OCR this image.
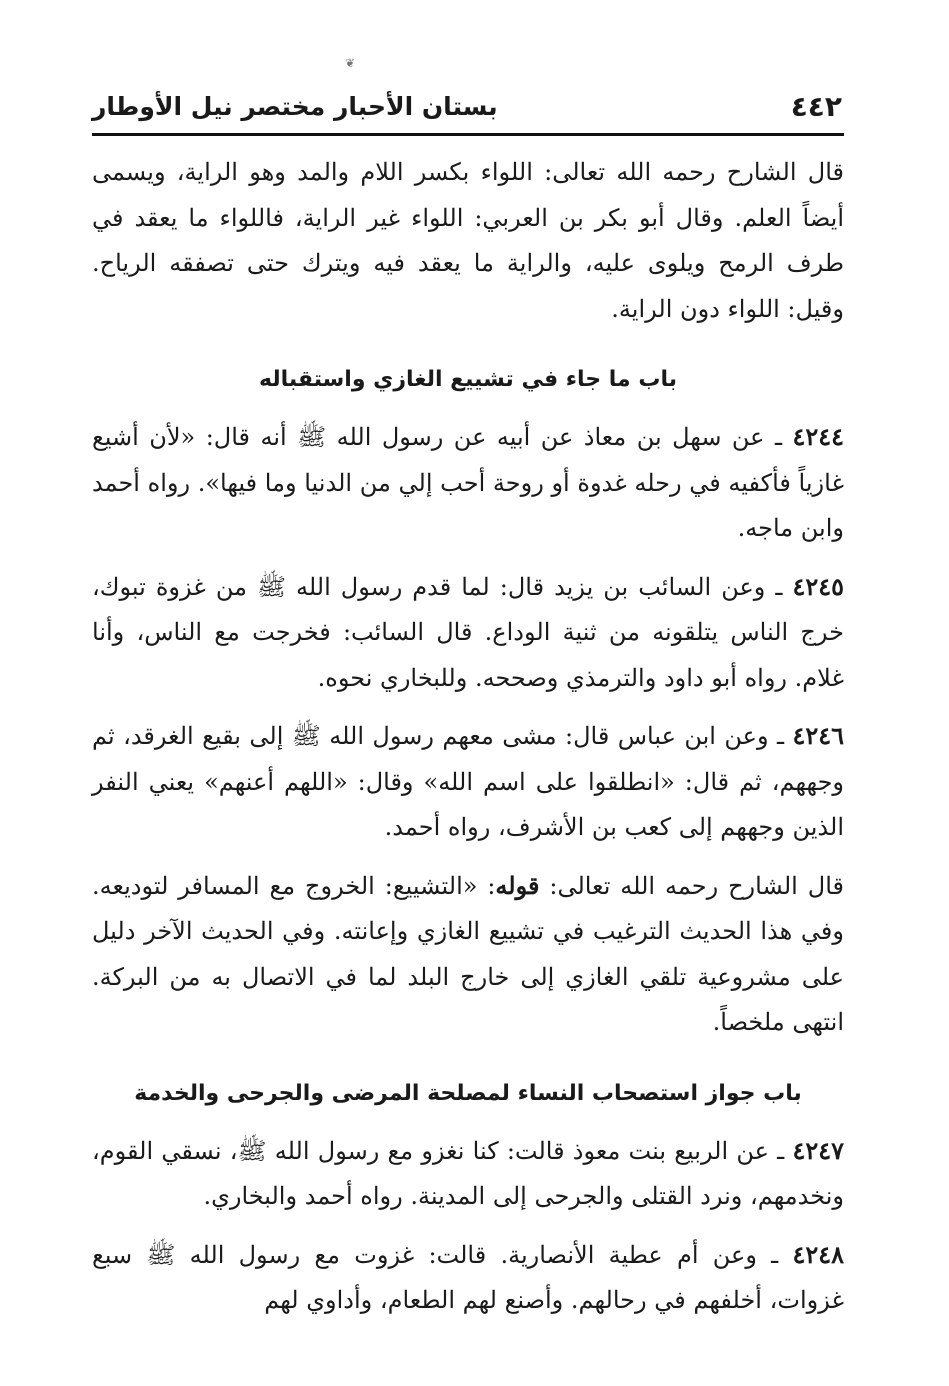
❦
٤٤٢
بستان الأحبار مختصر نيل الأوطار

قال الشارح رحمه الله تعالى: اللواء بكسر اللام والمد وهو الراية، ويسمى أيضاً العلم. وقال أبو بكر بن العربي: اللواء غير الراية، فاللواء ما يعقد في طرف الرمح ويلوى عليه، والراية ما يعقد فيه ويترك حتى تصفقه الرياح. وقيل: اللواء دون الراية.

باب ما جاء في تشييع الغازي واستقباله

٤٢٤٤ ـ عن سهل بن معاذ عن أبيه عن رسول الله ﷺ أنه قال: «لأن أشيع غازياً فأكفيه في رحله غدوة أو روحة أحب إلي من الدنيا وما فيها». رواه أحمد وابن ماجه.

٤٢٤٥ ـ وعن السائب بن يزيد قال: لما قدم رسول الله ﷺ من غزوة تبوك، خرج الناس يتلقونه من ثنية الوداع. قال السائب: فخرجت مع الناس، وأنا غلام. رواه أبو داود والترمذي وصححه. وللبخاري نحوه.

٤٢٤٦ ـ وعن ابن عباس قال: مشى معهم رسول الله ﷺ إلى بقيع الغرقد، ثم وجههم، ثم قال: «انطلقوا على اسم الله» وقال: «اللهم أعنهم» يعني النفر الذين وجههم إلى كعب بن الأشرف، رواه أحمد.

قال الشارح رحمه الله تعالى: قوله: «التشييع: الخروج مع المسافر لتوديعه. وفي هذا الحديث الترغيب في تشييع الغازي وإعانته. وفي الحديث الآخر دليل على مشروعية تلقي الغازي إلى خارج البلد لما في الاتصال به من البركة. انتهى ملخصاً.

باب جواز استصحاب النساء لمصلحة المرضى والجرحى والخدمة

٤٢٤٧ ـ عن الربيع بنت معوذ قالت: كنا نغزو مع رسول الله ﷺ، نسقي القوم، ونخدمهم، ونرد القتلى والجرحى إلى المدينة. رواه أحمد والبخاري.

٤٢٤٨ ـ وعن أم عطية الأنصارية. قالت: غزوت مع رسول الله ﷺ سبع غزوات، أخلفهم في رحالهم. وأصنع لهم الطعام، وأداوي لهم
